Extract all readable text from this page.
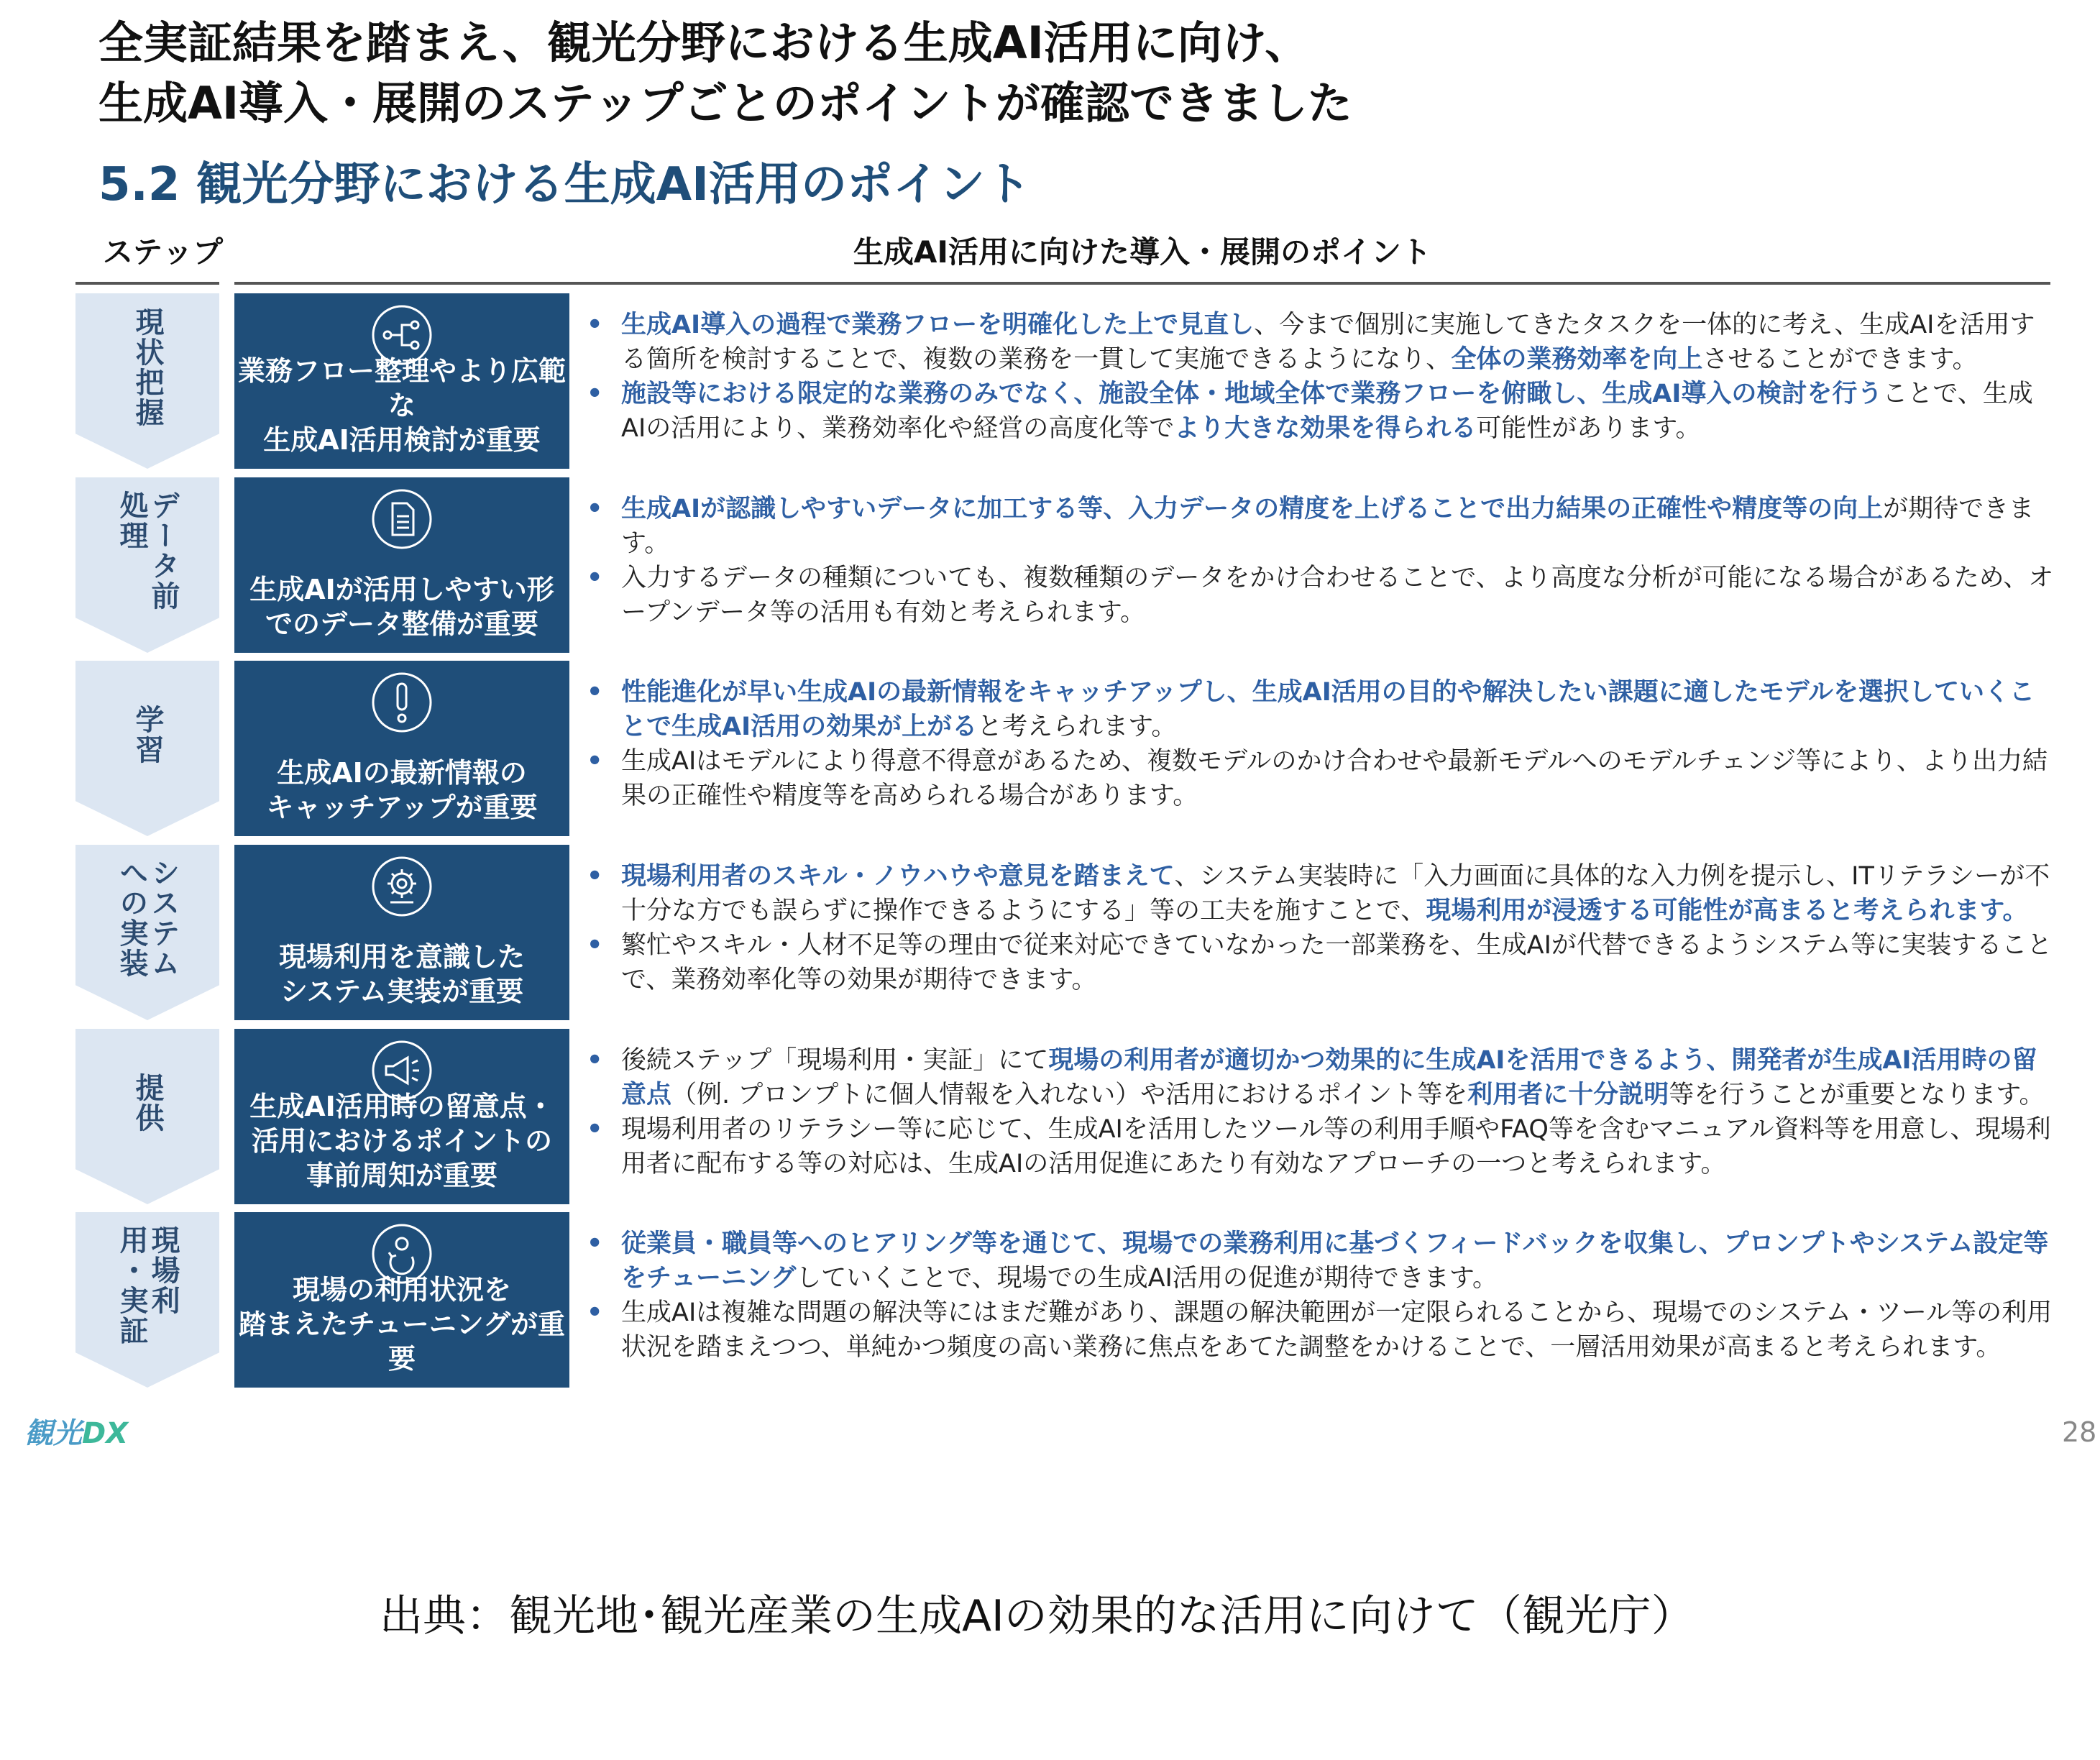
全実証結果を踏まえ、観光分野における生成AI活用に向け、
生成AI導入・展開のステップごとのポイントが確認できました
5.2 観光分野における生成AI活用のポイント
ステップ	生成AI活用に向けた導入・展開のポイント
現状把握	業務フロー整理やより広範な
生成AI活用検討が重要
• 生成AI導入の過程で業務フローを明確化した上で見直し、今まで個別に実施してきたタスクを一体的に考え、生成AIを活用する箇所を検討することで、複数の業務を一貫して実施できるようになり、全体の業務効率を向上させることができます。
• 施設等における限定的な業務のみでなく、施設全体・地域全体で業務フローを俯瞰し、生成AI導入の検討を行うことで、生成AIの活用により、業務効率化や経営の高度化等でより大きな効果を得られる可能性があります。
データ前処理
生成AIが活用しやすい形
でのデータ整備が重要
• 生成AIが認識しやすいデータに加工する等、入力データの精度を上げることで出力結果の正確性や精度等の向上が期待できます。
• 入力するデータの種類についても、複数種類のデータをかけ合わせることで、より高度な分析が可能になる場合があるため、オープンデータ等の活用も有効と考えられます。
学習
生成AIの最新情報の
キャッチアップが重要
• 性能進化が早い生成AIの最新情報をキャッチアップし、生成AI活用の目的や解決したい課題に適したモデルを選択していくことで生成AI活用の効果が上がると考えられます。
• 生成AIはモデルにより得意不得意があるため、複数モデルのかけ合わせや最新モデルへのモデルチェンジ等により、より出力結果の正確性や精度等を高められる場合があります。
システムへの実装	現場利用を意識した
システム実装が重要
• 現場利用者のスキル・ノウハウや意見を踏まえて、システム実装時に「入力画面に具体的な入力例を提示し、ITリテラシーが不十分な方でも誤らずに操作できるようにする」等の工夫を施すことで、現場利用が浸透する可能性が高まると考えられます。
• 繁忙やスキル・人材不足等の理由で従来対応できていなかった一部業務を、生成AIが代替できるようシステム等に実装することで、業務効率化等の効果が期待できます。
提供	生成AI活用時の留意点・
活用におけるポイントの
事前周知が重要
• 後続ステップ「現場利用・実証」にて現場の利用者が適切かつ効果的に生成AIを活用できるよう、開発者が生成AI活用時の留意点（例. プロンプトに個人情報を入れない）や活用におけるポイント等を利用者に十分説明等を行うことが重要となります。
• 現場利用者のリテラシー等に応じて、生成AIを活用したツール等の利用手順やFAQ等を含むマニュアル資料等を用意し、現場利用者に配布する等の対応は、生成AIの活用促進にあたり有効なアプローチの一つと考えられます。
現場利用・実証	現場の利用状況を
踏まえたチューニングが重要
• 従業員・職員等へのヒアリング等を通じて、現場での業務利用に基づくフィードバックを収集し、プロンプトやシステム設定等をチューニングしていくことで、現場での生成AI活用の促進が期待できます。
• 生成AIは複雑な問題の解決等にはまだ難があり、課題の解決範囲が一定限られることから、現場でのシステム・ツール等の利用状況を踏まえつつ、単純かつ頻度の高い業務に焦点をあてた調整をかけることで、一層活用効果が高まると考えられます。
観光DX	28
出典：観光地･観光産業の生成AIの効果的な活用に向けて（観光庁）
